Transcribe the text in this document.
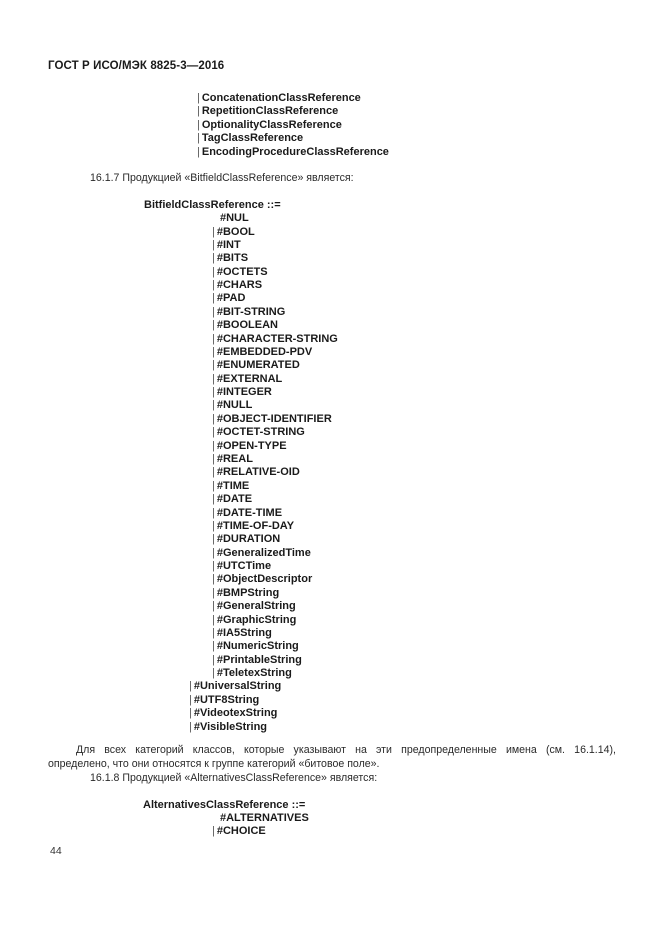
ГОСТ Р ИСО/МЭК 8825-3—2016
| ConcatenationClassReference
| RepetitionClassReference
| OptionalityClassReference
| TagClassReference
| EncodingProcedureClassReference
16.1.7 Продукцией «BitfieldClassReference» является:
BitfieldClassReference ::=
#NUL
| #BOOL
| #INT
| #BITS
| #OCTETS
| #CHARS
| #PAD
| #BIT-STRING
| #BOOLEAN
| #CHARACTER-STRING
| #EMBEDDED-PDV
| #ENUMERATED
| #EXTERNAL
| #INTEGER
| #NULL
| #OBJECT-IDENTIFIER
| #OCTET-STRING
| #OPEN-TYPE
| #REAL
| #RELATIVE-OID
| #TIME
| #DATE
| #DATE-TIME
| #TIME-OF-DAY
| #DURATION
| #GeneralizedTime
| #UTCTime
| #ObjectDescriptor
| #BMPString
| #GeneralString
| #GraphicString
| #IA5String
| #NumericString
| #PrintableString
| #TeletexString
| #UniversalString
| #UTF8String
| #VideotexString
| #VisibleString
Для всех категорий классов, которые указывают на эти предопределенные имена (см. 16.1.14),
определено, что они относятся к группе категорий «битовое поле».
16.1.8 Продукцией «AlternativesClassReference» является:
AlternativesClassReference ::=
#ALTERNATIVES
| #CHOICE
44
